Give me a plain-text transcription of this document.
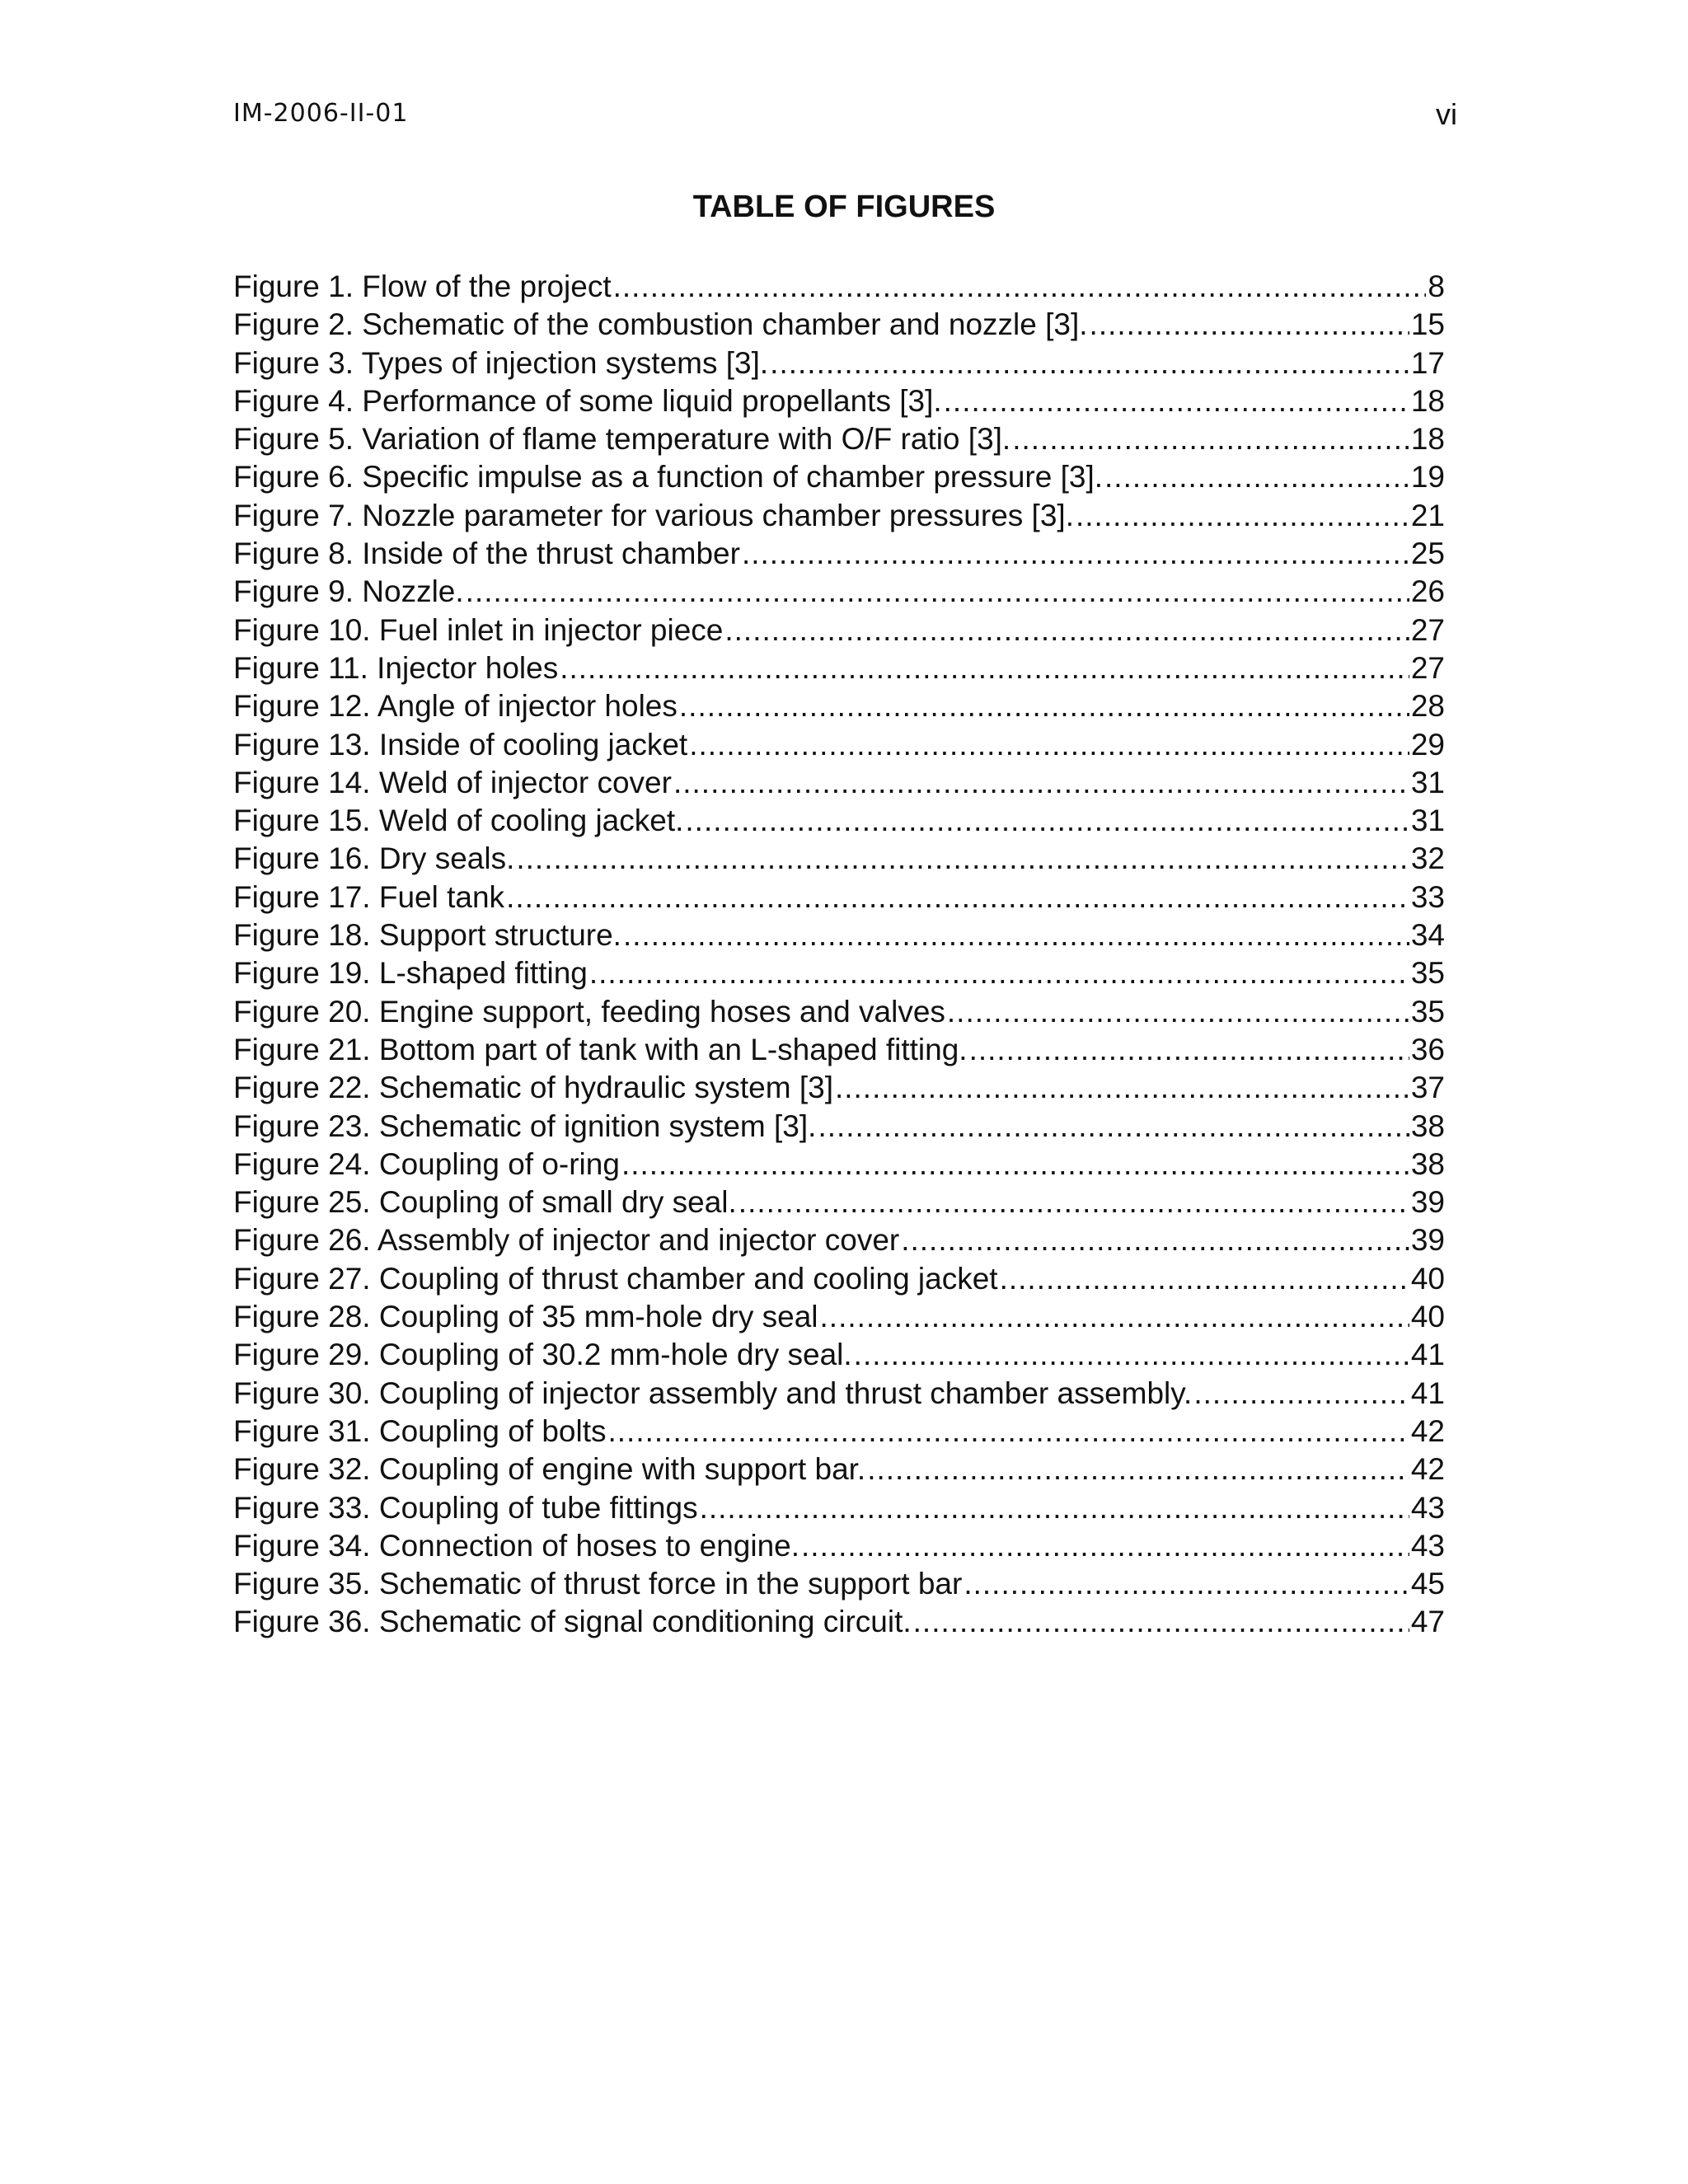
IM-2006-II-01	vi
TABLE OF FIGURES
Figure 1. Flow of the project .....	8
Figure 2. Schematic of the combustion chamber and nozzle [3]. .....	15
Figure 3. Types of injection systems [3]. .....	17
Figure 4. Performance of some liquid propellants [3]. .....	18
Figure 5. Variation of flame temperature with O/F ratio [3]. .....	18
Figure 6. Specific impulse as a function of chamber pressure [3]. .....	19
Figure 7. Nozzle parameter for various chamber pressures [3]. .....	21
Figure 8. Inside of the thrust chamber .....	25
Figure 9. Nozzle. .....	26
Figure 10. Fuel inlet in injector piece .....	27
Figure 11. Injector holes .....	27
Figure 12. Angle of injector holes .....	28
Figure 13. Inside of cooling jacket .....	29
Figure 14. Weld of injector cover .....	31
Figure 15. Weld of cooling jacket. .....	31
Figure 16. Dry seals. .....	32
Figure 17. Fuel tank .....	33
Figure 18. Support structure. .....	34
Figure 19. L-shaped fitting .....	35
Figure 20. Engine support, feeding hoses and valves .....	35
Figure 21. Bottom part of tank with an L-shaped fitting. .....	36
Figure 22. Schematic of hydraulic system [3] .....	37
Figure 23. Schematic of ignition system [3]. .....	38
Figure 24. Coupling of o-ring .....	38
Figure 25. Coupling of small dry seal. .....	39
Figure 26. Assembly of injector and injector cover .....	39
Figure 27. Coupling of thrust chamber and cooling jacket .....	40
Figure 28. Coupling of 35 mm-hole dry seal .....	40
Figure 29. Coupling of 30.2 mm-hole dry seal. .....	41
Figure 30. Coupling of injector assembly and thrust chamber assembly. .....	41
Figure 31. Coupling of bolts .....	42
Figure 32. Coupling of engine with support bar. .....	42
Figure 33. Coupling of tube fittings .....	43
Figure 34. Connection of hoses to engine. .....	43
Figure 35. Schematic of thrust force in the support bar .....	45
Figure 36. Schematic of signal conditioning circuit. .....	47
